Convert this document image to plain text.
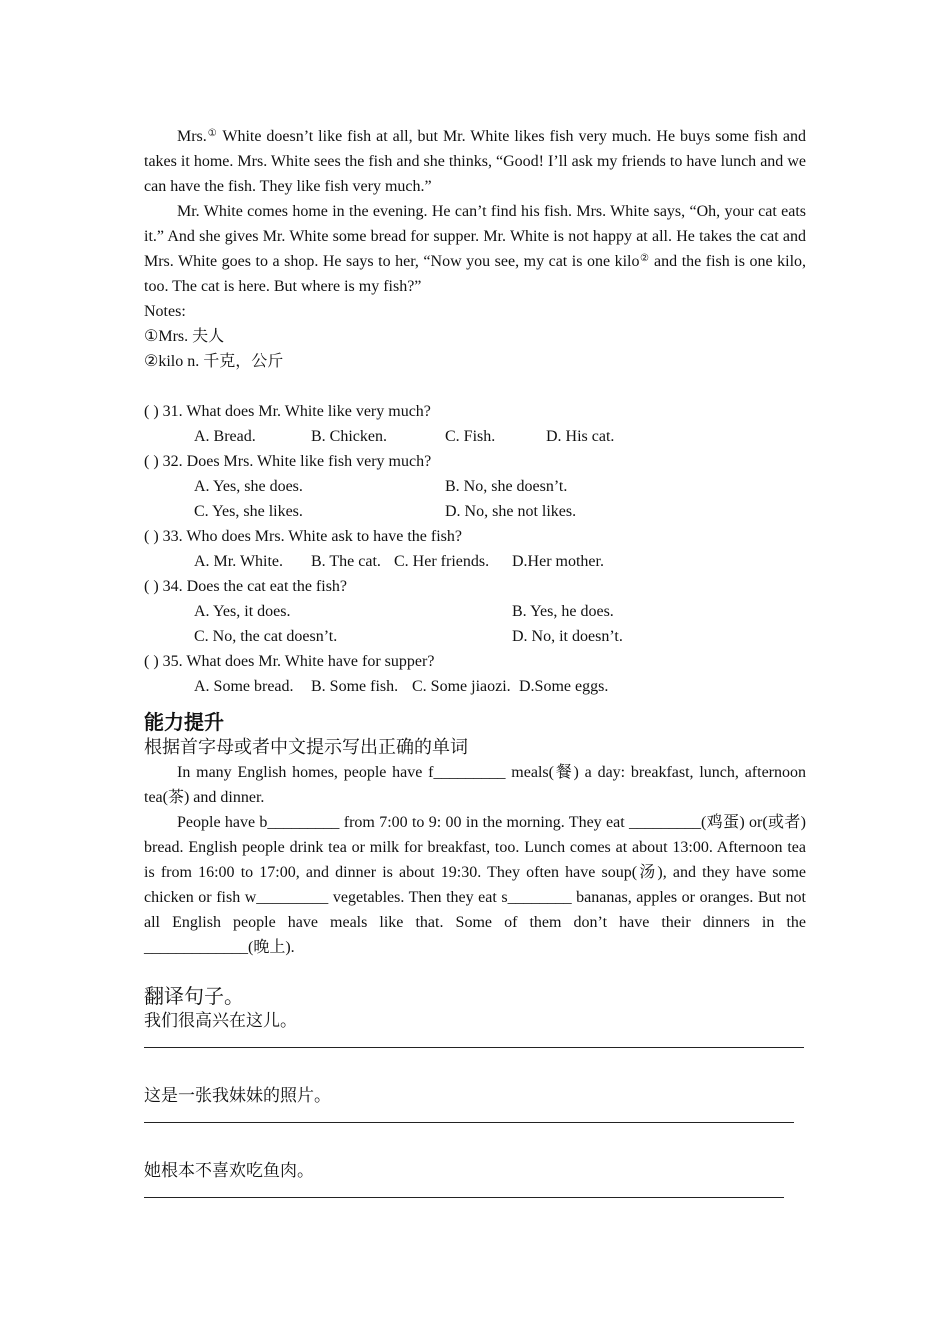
Mrs.① White doesn’t like fish at all, but Mr. White likes fish very much. He buys some fish and takes it home. Mrs. White sees the fish and she thinks, “Good! I’ll ask my friends to have lunch and we can have the fish. They like fish very much.”
Mr. White comes home in the evening. He can’t find his fish. Mrs. White says, “Oh, your cat eats it.” And she gives Mr. White some bread for supper. Mr. White is not happy at all. He takes the cat and Mrs. White goes to a shop. He says to her, “Now you see, my cat is one kilo② and the fish is one kilo, too. The cat is here. But where is my fish?”
Notes:
①Mrs. 夫人
②kilo n. 千克，公斤
( ) 31. What does Mr. White like very much?
A. Bread.	B. Chicken.	C. Fish.	D. His cat.
( ) 32. Does Mrs. White like fish very much?
A. Yes, she does.	B. No, she doesn’t.
C. Yes, she likes.	D. No, she not likes.
( ) 33. Who does Mrs. White ask to have the fish?
A. Mr. White. B. The cat. C. Her friends. D.Her mother.
( ) 34. Does the cat eat the fish?
A. Yes, it does.	B. Yes, he does.
C. No, the cat doesn’t.	D. No, it doesn’t.
( ) 35. What does Mr. White have for supper?
A. Some bread. B. Some fish. C. Some jiaozi. D.Some eggs.
能力提升
根据首字母或者中文提示写出正确的单词
In many English homes, people have f_________ meals(餐) a day: breakfast, lunch, afternoon tea(茶) and dinner.
People have b_________ from 7:00 to 9: 00 in the morning. They eat _________(鸡蛋) or(或者) bread. English people drink tea or milk for breakfast, too. Lunch comes at about 13:00. Afternoon tea is from 16:00 to 17:00, and dinner is about 19:30. They often have soup(汤), and they have some chicken or fish w_________ vegetables. Then they eat s________ bananas, apples or oranges. But not all English people have meals like that. Some of them don’t have their dinners in the _____________(晚上).
翻译句子。
我们很高兴在这儿。
这是一张我妹妹的照片。
她根本不喜欢吃鱼肉。
